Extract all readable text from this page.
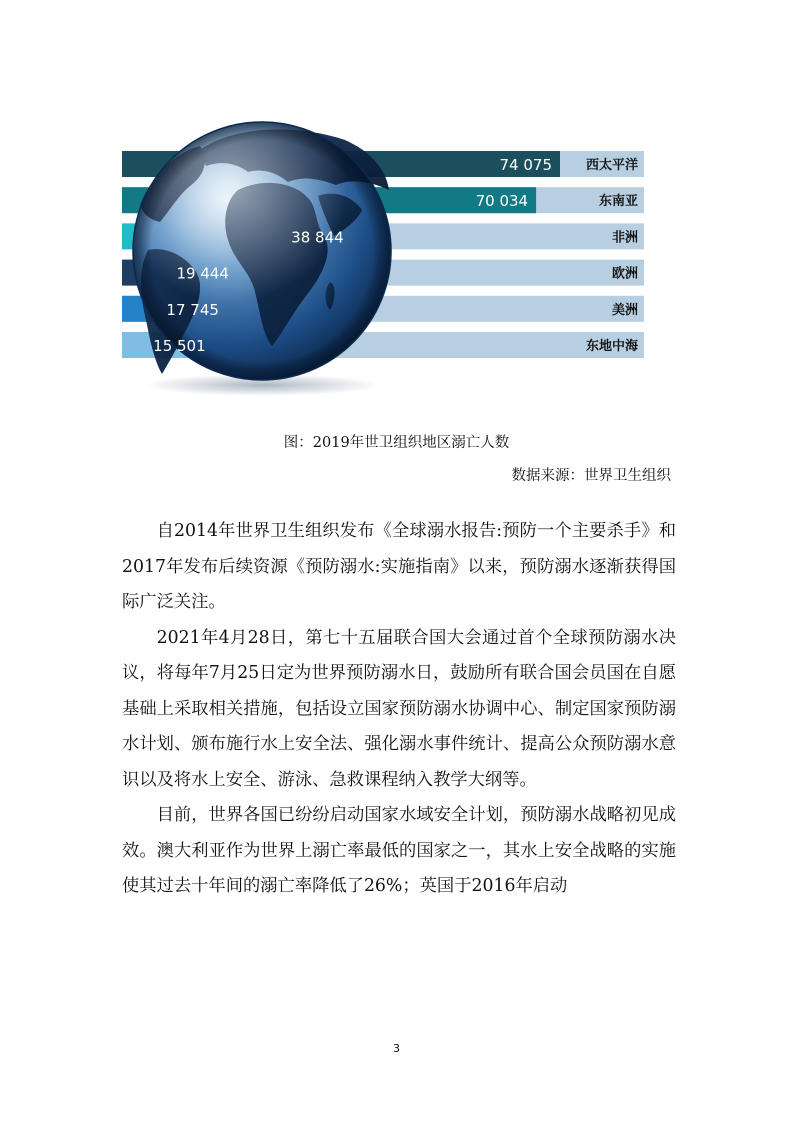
74 075	西太平洋
70 034	东南亚
38 844	非洲
19 444	欧洲
17 745	美洲
15 501	东地中海
图：2019年世卫组织地区溺亡人数
数据来源：世界卫生组织

自2014年世界卫生组织发布《全球溺水报告:预防一个主要杀手》和2017年发布后续资源《预防溺水:实施指南》以来，预防溺水逐渐获得国际广泛关注。

2021年4月28日，第七十五届联合国大会通过首个全球预防溺水决议，将每年7月25日定为世界预防溺水日，鼓励所有联合国会员国在自愿基础上采取相关措施，包括设立国家预防溺水协调中心、制定国家预防溺水计划、颁布施行水上安全法、强化溺水事件统计、提高公众预防溺水意识以及将水上安全、游泳、急救课程纳入教学大纲等。

目前，世界各国已纷纷启动国家水域安全计划，预防溺水战略初见成效。澳大利亚作为世界上溺亡率最低的国家之一，其水上安全战略的实施使其过去十年间的溺亡率降低了26%；英国于2016年启动

3
